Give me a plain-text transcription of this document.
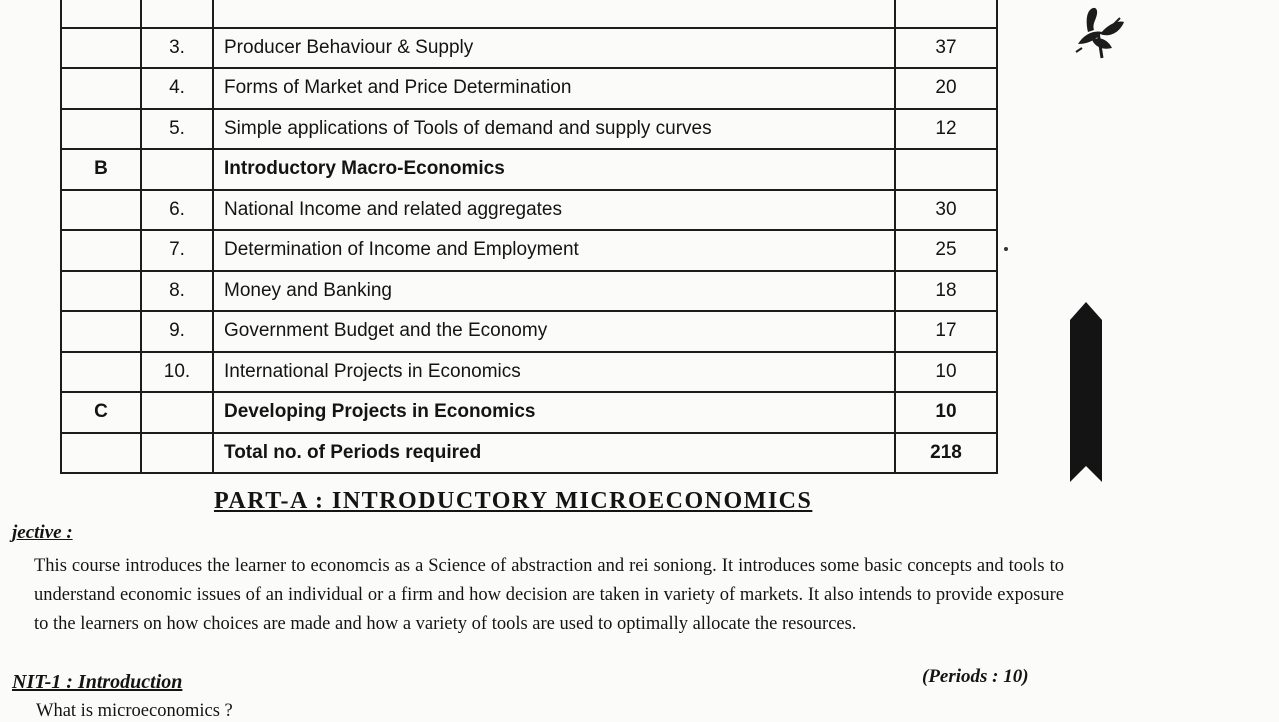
	3.	Producer Behaviour & Supply	37
	4.	Forms of Market and Price Determination	20
	5.	Simple applications of Tools of demand and supply curves	12
B		Introductory Macro-Economics	
	6.	National Income and related aggregates	30
	7.	Determination of Income and Employment	25
	8.	Money and Banking	18
	9.	Government Budget and the Economy	17
	10.	International Projects in Economics	10
C		Developing Projects in Economics	10
		Total no. of Periods required	218
PART-A : INTRODUCTORY MICROECONOMICS
jective :
This course introduces the learner to economcis as a Science of abstraction and rei soniong. It introduces some basic concepts and tools to understand economic issues of an individual or a firm and how decision are taken in variety of markets. It also intends to provide exposure to the learners on how choices are made and how a variety of tools are used to optimally allocate the resources.
NIT-1 : Introduction	(Periods : 10)
What is microeconomics ?
